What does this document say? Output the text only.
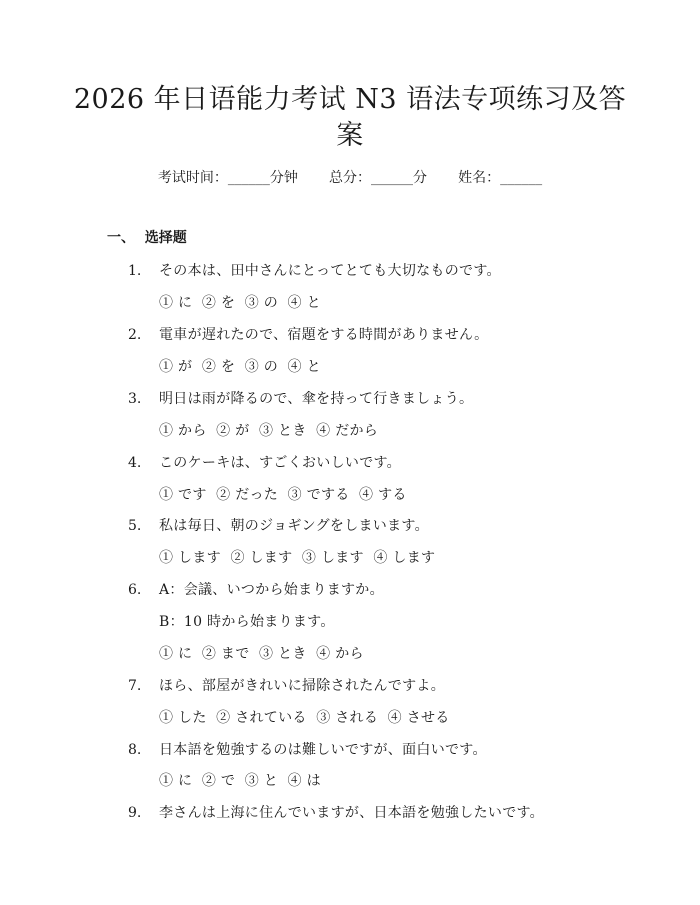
2026 年日语能力考试 N3 语法专项练习及答
案
考试时间：______分钟 总分：______分 姓名：______
一、  选择题
1.	その本は、田中さんにとってとても大切なものです。
① に  ② を  ③ の  ④ と
2.	電車が遅れたので、宿題をする時間がありません。
① が  ② を  ③ の  ④ と
3.	明日は雨が降るので、傘を持って行きましょう。
① から  ② が  ③ とき  ④ だから
4.	このケーキは、すごくおいしいです。
① です  ② だった  ③ でする  ④ する
5.	私は毎日、朝のジョギングをしまいます。
① します  ② します  ③ します  ④ します
6.	A：会議、いつから始まりますか。
B：10 時から始まります。
① に  ② まで  ③ とき  ④ から
7.	ほら、部屋がきれいに掃除されたんですよ。
① した  ② されている  ③ される  ④ させる
8.	日本語を勉強するのは難しいですが、面白いです。
① に  ② で  ③ と  ④ は
9.	李さんは上海に住んでいますが、日本語を勉強したいです。
